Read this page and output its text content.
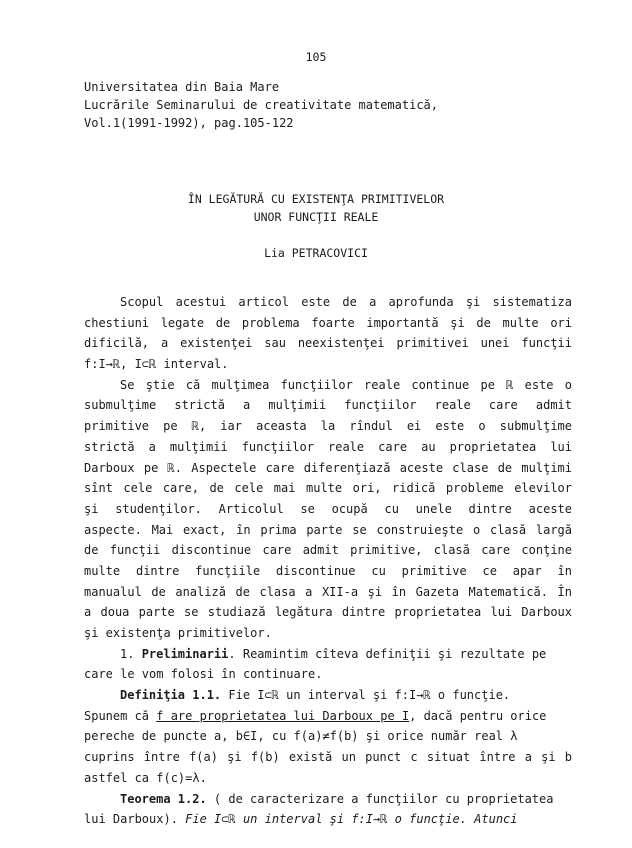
105
Universitatea din Baia Mare
Lucrările Seminarului de creativitate matematică,
Vol.1(1991-1992), pag.105-122
ÎN LEGĂTURĂ CU EXISTENŢA PRIMITIVELOR
UNOR FUNCŢII REALE
Lia PETRACOVICI
Scopul acestui articol este de a aprofunda şi sistematiza
chestiuni legate de problema foarte importantă şi de multe ori
dificilă, a existenţei sau neexistenţei primitivei unei funcţii
f:I→ℝ, I⊂ℝ interval.
Se ştie că mulţimea funcţiilor reale continue pe ℝ este o
submulţime strictă a mulţimii funcţiilor reale care admit
primitive pe ℝ, iar aceasta la rîndul ei este o submulţime
strictă a mulţimii funcţiilor reale care au proprietatea lui
Darboux pe ℝ. Aspectele care diferenţiază aceste clase de mulţimi
sînt cele care, de cele mai multe ori, ridică probleme elevilor
şi studenţilor. Articolul se ocupă cu unele dintre aceste
aspecte. Mai exact, în prima parte se construieşte o clasă largă
de funcţii discontinue care admit primitive, clasă care conţine
multe dintre funcţiile discontinue cu primitive ce apar în
manualul de analiză de clasa a XII-a şi în Gazeta Matematică. În
a doua parte se studiază legătura dintre proprietatea lui Darboux
şi existenţa primitivelor.
1. Preliminarii. Reamintim cîteva definiţii şi rezultate pe
care le vom folosi în continuare.
Definiţia 1.1. Fie I⊂ℝ un interval şi f:I→ℝ o funcţie.
Spunem că f are proprietatea lui Darboux pe I, dacă pentru orice
pereche de puncte a, b∈I, cu f(a)≠f(b) şi orice număr real λ
cuprins între f(a) şi f(b) există un punct c situat între a şi b
astfel ca f(c)=λ.
Teorema 1.2. ( de caracterizare a funcţiilor cu proprietatea
lui Darboux). Fie I⊂ℝ un interval şi f:I→ℝ o funcţie. Atunci
